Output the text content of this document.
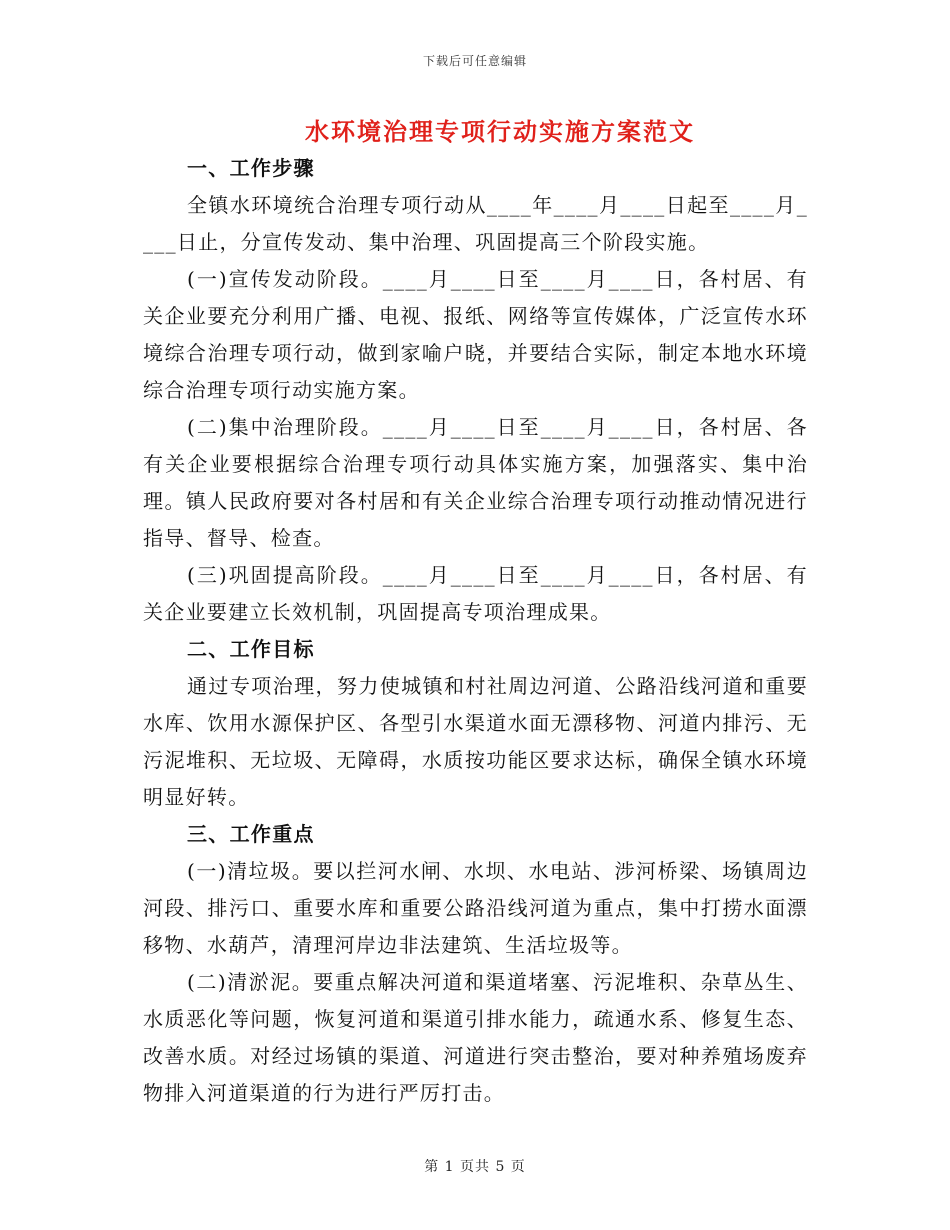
下载后可任意编辑
水环境治理专项行动实施方案范文

一、工作步骤

全镇水环境统合治理专项行动从____年____月____日起至____月____日止，分宣传发动、集中治理、巩固提高三个阶段实施。

(一)宣传发动阶段。____月____日至____月____日，各村居、有关企业要充分利用广播、电视、报纸、网络等宣传媒体，广泛宣传水环境综合治理专项行动，做到家喻户晓，并要结合实际，制定本地水环境综合治理专项行动实施方案。

(二)集中治理阶段。____月____日至____月____日，各村居、各有关企业要根据综合治理专项行动具体实施方案，加强落实、集中治理。镇人民政府要对各村居和有关企业综合治理专项行动推动情况进行指导、督导、检查。

(三)巩固提高阶段。____月____日至____月____日，各村居、有关企业要建立长效机制，巩固提高专项治理成果。

二、工作目标

通过专项治理，努力使城镇和村社周边河道、公路沿线河道和重要水库、饮用水源保护区、各型引水渠道水面无漂移物、河道内排污、无污泥堆积、无垃圾、无障碍，水质按功能区要求达标，确保全镇水环境明显好转。

三、工作重点

(一)清垃圾。要以拦河水闸、水坝、水电站、涉河桥梁、场镇周边河段、排污口、重要水库和重要公路沿线河道为重点，集中打捞水面漂移物、水葫芦，清理河岸边非法建筑、生活垃圾等。

(二)清淤泥。要重点解决河道和渠道堵塞、污泥堆积、杂草丛生、水质恶化等问题，恢复河道和渠道引排水能力，疏通水系、修复生态、改善水质。对经过场镇的渠道、河道进行突击整治，要对种养殖场废弃物排入河道渠道的行为进行严厉打击。

第 1 页共 5 页
